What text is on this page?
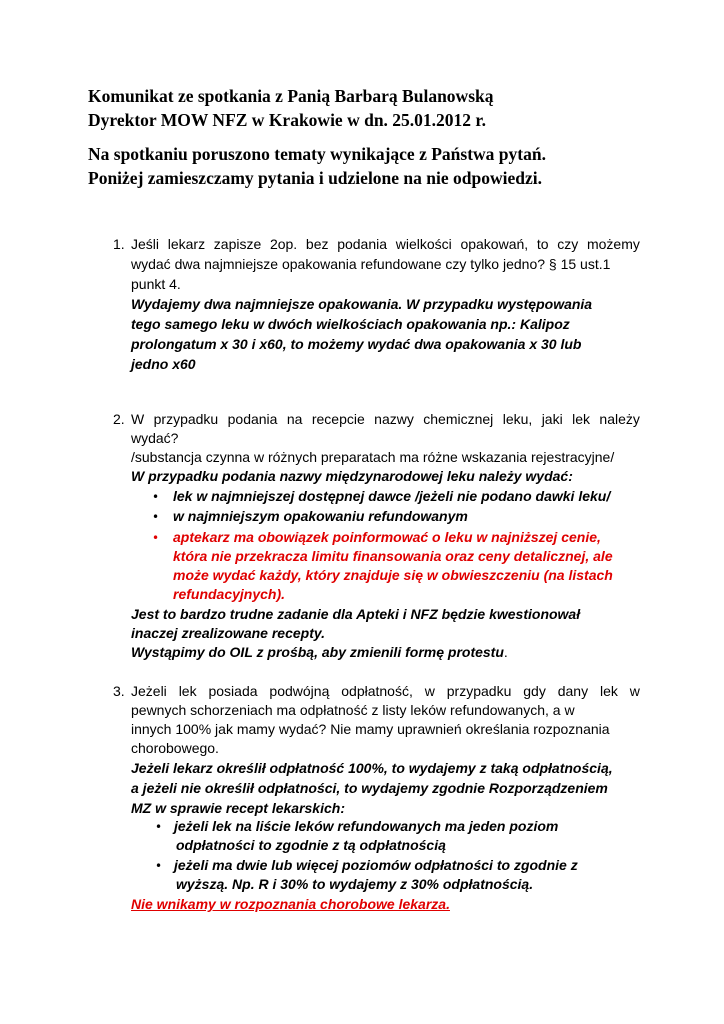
Komunikat ze spotkania z Panią Barbarą Bulanowską
Dyrektor MOW NFZ w Krakowie w dn. 25.01.2012 r.
Na spotkaniu poruszono tematy wynikające z Państwa pytań.
Poniżej zamieszczamy pytania i udzielone na nie odpowiedzi.
1. Jeśli lekarz zapisze 2op. bez podania wielkości opakowań, to czy możemy
wydać dwa najmniejsze opakowania refundowane czy tylko jedno? § 15 ust.1
punkt 4.
Wydajemy dwa najmniejsze opakowania. W przypadku występowania
tego samego leku w dwóch wielkościach opakowania np.: Kalipoz
prolongatum x 30 i x60, to możemy wydać dwa opakowania x 30 lub
jedno x60
2. W przypadku podania na recepcie nazwy chemicznej leku, jaki lek należy
wydać?
/substancja czynna w różnych preparatach ma różne wskazania rejestracyjne/
W przypadku podania nazwy międzynarodowej leku należy wydać:
• lek w najmniejszej dostępnej dawce /jeżeli nie podano dawki leku/
• w najmniejszym opakowaniu refundowanym
• aptekarz ma obowiązek poinformować o leku w najniższej cenie,
która nie przekracza limitu finansowania oraz ceny detalicznej, ale
może wydać każdy, który znajduje się w obwieszczeniu (na listach
refundacyjnych).
Jest to bardzo trudne zadanie dla Apteki i NFZ będzie kwestionował
inaczej zrealizowane recepty.
Wystąpimy do OIL z prośbą, aby zmienili formę protestu.
3. Jeżeli lek posiada podwójną odpłatność, w przypadku gdy dany lek w
pewnych schorzeniach ma odpłatność z listy leków refundowanych, a w
innych 100% jak mamy wydać? Nie mamy uprawnień określania rozpoznania
chorobowego.
Jeżeli lekarz określił odpłatność 100%, to wydajemy z taką odpłatnością,
a jeżeli nie określił odpłatności, to wydajemy zgodnie Rozporządzeniem
MZ w sprawie recept lekarskich:
• jeżeli lek na liście leków refundowanych ma jeden poziom
odpłatności to zgodnie z tą odpłatnością
• jeżeli ma dwie lub więcej poziomów odpłatności to zgodnie z
wyższą. Np. R i 30% to wydajemy z 30% odpłatnością.
Nie wnikamy w rozpoznania chorobowe lekarza.
